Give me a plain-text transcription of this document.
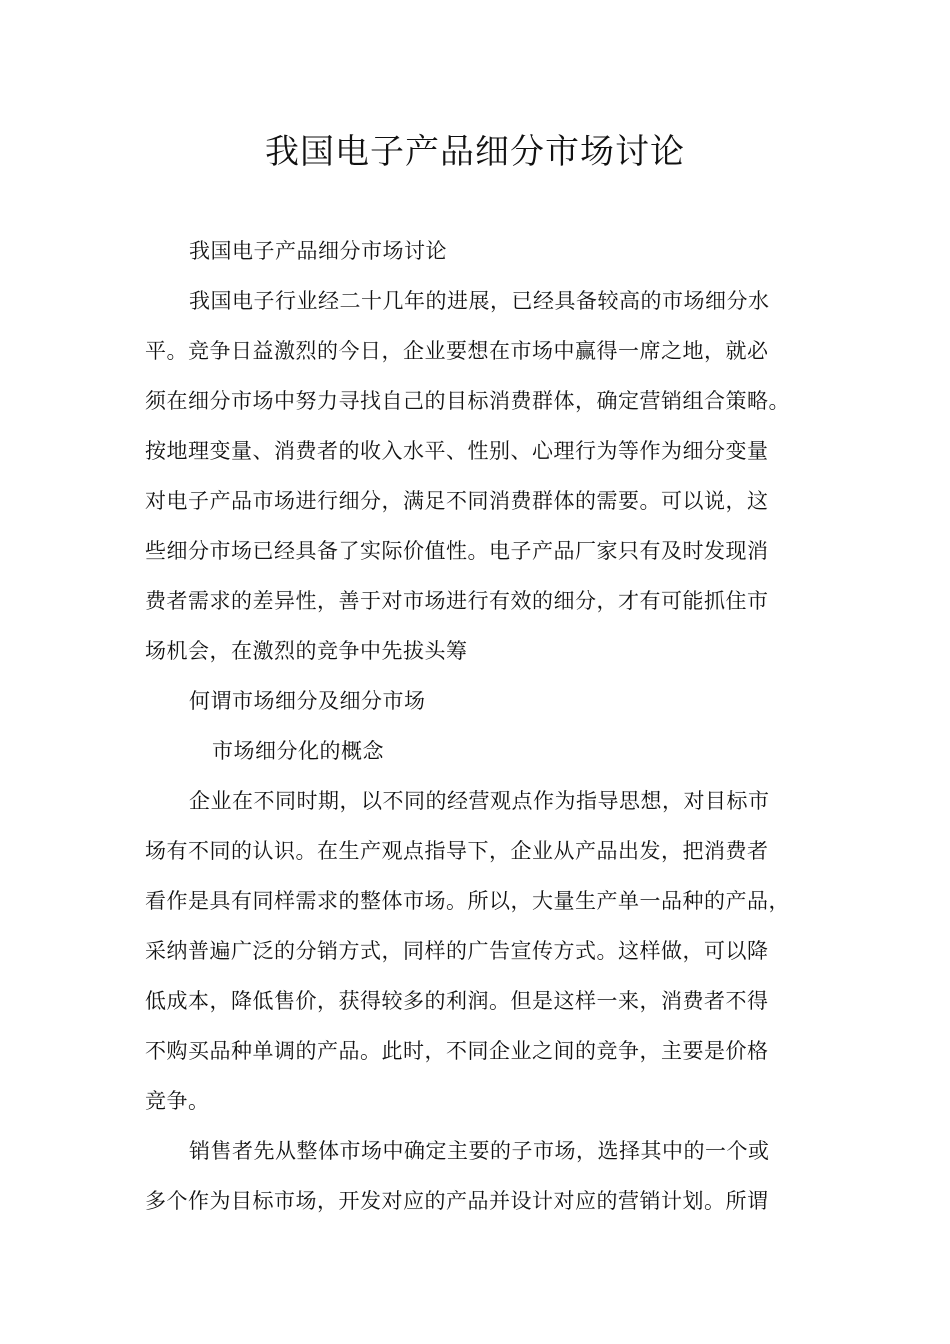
我国电子产品细分市场讨论
我国电子产品细分市场讨论
我国电子行业经二十几年的进展，已经具备较高的市场细分水
平。竞争日益激烈的今日，企业要想在市场中赢得一席之地，就必
须在细分市场中努力寻找自己的目标消费群体，确定营销组合策略。
按地理变量、消费者的收入水平、性别、心理行为等作为细分变量
对电子产品市场进行细分，满足不同消费群体的需要。可以说，这
些细分市场已经具备了实际价值性。电子产品厂家只有及时发现消
费者需求的差异性，善于对市场进行有效的细分，才有可能抓住市
场机会，在激烈的竞争中先拔头筹
何谓市场细分及细分市场
市场细分化的概念
企业在不同时期，以不同的经营观点作为指导思想，对目标市
场有不同的认识。在生产观点指导下，企业从产品出发，把消费者
看作是具有同样需求的整体市场。所以，大量生产单一品种的产品，
采纳普遍广泛的分销方式，同样的广告宣传方式。这样做，可以降
低成本，降低售价，获得较多的利润。但是这样一来，消费者不得
不购买品种单调的产品。此时，不同企业之间的竞争，主要是价格
竞争。
销售者先从整体市场中确定主要的子市场，选择其中的一个或
多个作为目标市场，开发对应的产品并设计对应的营销计划。所谓
